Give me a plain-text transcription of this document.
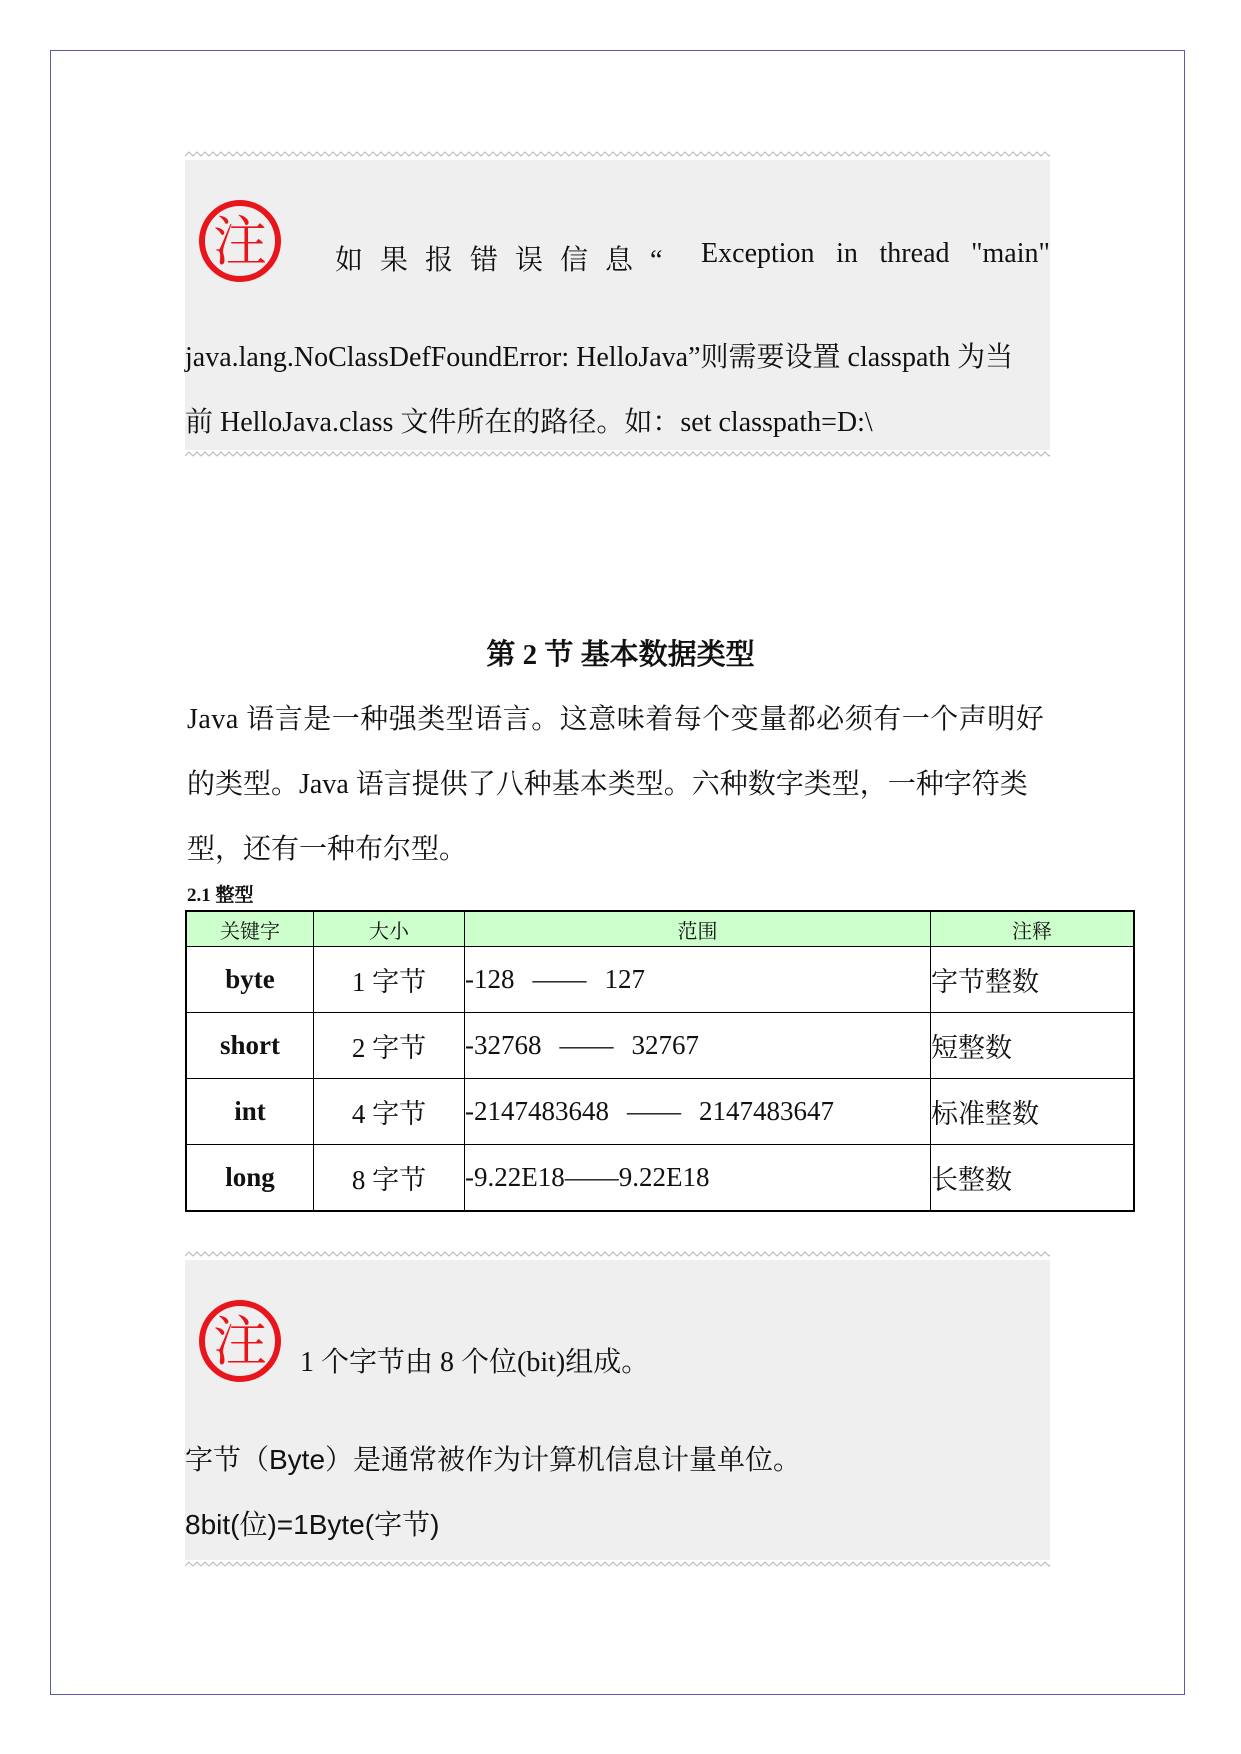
注 如果报错误信息“ Exception in thread "main"
java.lang.NoClassDefFoundError: HelloJava”则需要设置 classpath 为当
前 HelloJava.class 文件所在的路径。如：set classpath=D:\
第 2 节 基本数据类型
Java 语言是一种强类型语言。这意味着每个变量都必须有一个声明好
的类型。Java 语言提供了八种基本类型。六种数字类型，一种字符类
型，还有一种布尔型。
2.1 整型
关键字	大小	范围	注释
byte	1 字节	-128 —— 127	字节整数
short	2 字节	-32768 —— 32767	短整数
int	4 字节	-2147483648 —— 2147483647	标准整数
long	8 字节	-9.22E18——9.22E18	长整数
注 1 个字节由 8 个位(bit)组成。
字节（Byte）是通常被作为计算机信息计量单位。
8bit(位)=1Byte(字节)
